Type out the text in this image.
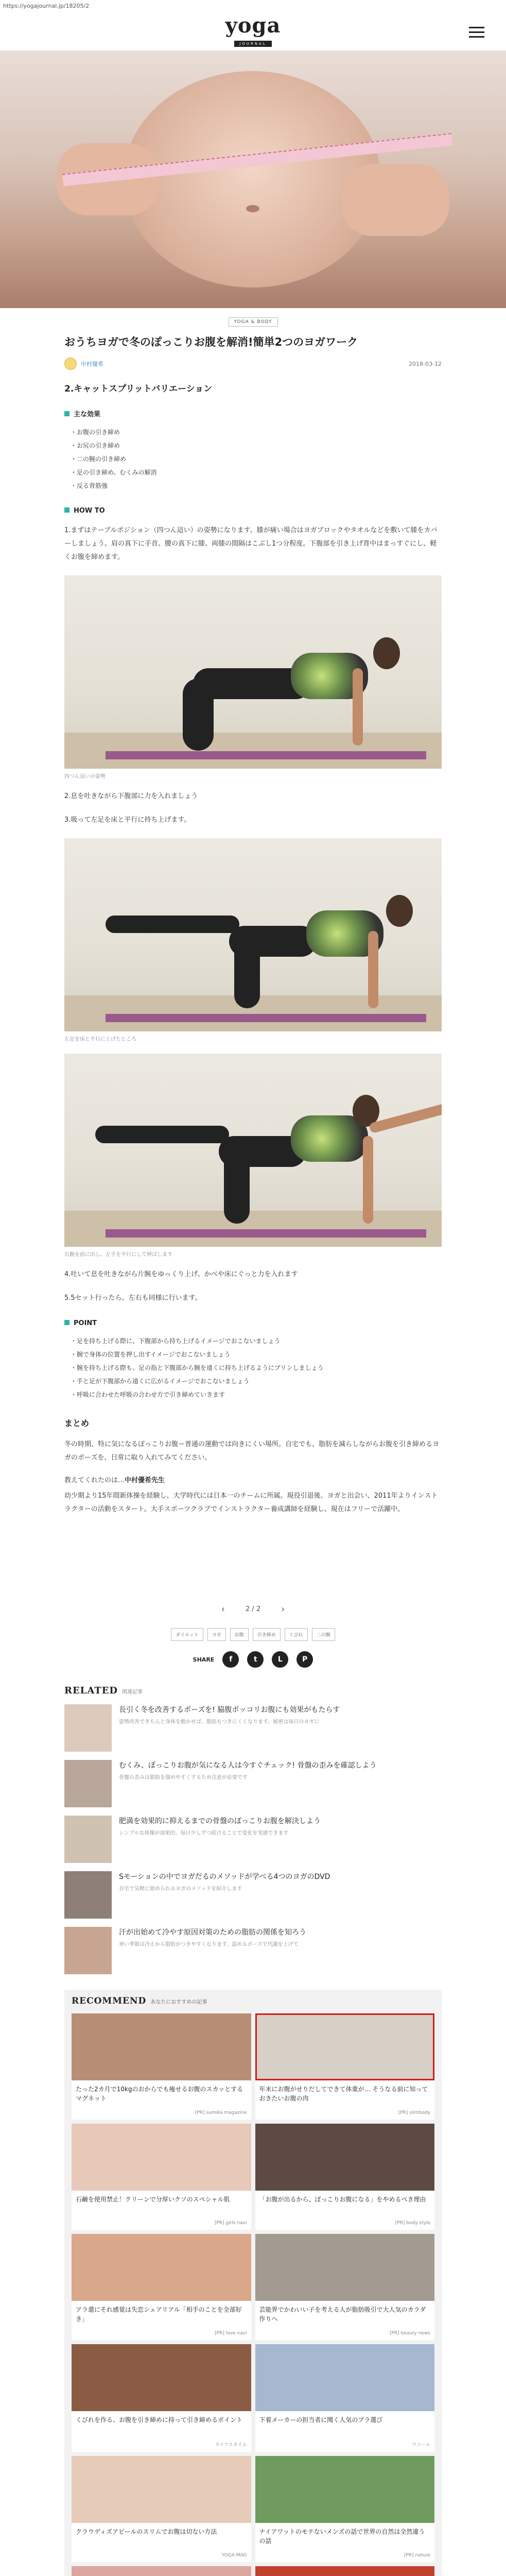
https://yogajournal.jp/18205/2
yoga
JOURNAL
YOGA & BODY
おうちヨガで冬のぽっこりお腹を解消!簡単2つのヨガワーク
中村優希	2018-03-12
2.キャットスプリットバリエーション
主な効果
・お腹の引き締め
・お尻の引き締め
・二の腕の引き締め
・足の引き締め、むくみの解消
・反る背筋強
HOW TO

1.まずはテーブルポジション（四つん這い）の姿勢になります。膝が痛い場合はヨガブロックやタオルなどを敷いて膝をカバーしましょう。肩の真下に手首、腰の真下に膝、両膝の間隔はこぶし1つ分程度。下腹部を引き上げ背中はまっすぐにし、軽くお腹を締めます。

四つん這いの姿勢

2.息を吐きながら下腹部に力を入れましょう

3.吸って左足を床と平行に持ち上げます。

左足を床と平行に上げたところ
右腕を前に出し、左手を平行にして伸ばします

4.吐いて息を吐きながら片腕をゆっくり上げ、かべや床にぐっと力を入れます

5.5セット行ったら、左右も同様に行います。

POINT
・足を持ち上げる際に、下腹部から持ち上げるイメージでおこないましょう
・腕で身体の位置を押し出すイメージでおこないましょう
・腕を持ち上げる際も、足の指と下腹部から腕を遠くに持ち上げるようにプリンしましょう
・手と足が下腹部から遠くに広がるイメージでおこないましょう
・呼吸に合わせた呼吸の合わせ方で引き締めていきます
まとめ

冬の時期、特に気になるぽっこりお腹ー普通の運動では向きにくい場所。自宅でも、脂肪を減らしながらお腹を引き締めるヨガのポーズを、日常に取り入れてみてください。

教えてくれたのは…中村優希先生

幼少期より15年間新体操を経験し、大学時代には日本一のチームに所属。現役引退後、ヨガと出会い、2011年よりインストラクターの活動をスタート。大手スポーツクラブでインストラクター養成講師を経験し、現在はフリーで活躍中。

‹	2 / 2 ›
ダイエット	ヨガ	お腹	引き締め	くびれ	二の腕
SHARE	f	t	L	P
RELATED 関連記事
長引く冬を改善するポーズを! 脇腹ポッコリお腹にも効果がもたらす
姿勢改善できちんと身体を動かせば、脂肪もつきにくくなります。秘密は毎日のヨガに
むくみ、ぽっこりお腹が気になる人は今すぐチェック! 骨盤の歪みを確認しよう
骨盤の歪みは脂肪を溜めやすくするため注意が必要です
肥満を効果的に抑えるまでの骨盤のぽっこりお腹を解決しよう
シンプルな体操が効果的。毎日少しずつ続けることで変化を実感できます
Sモーションの中でヨガだるのメソッドが学べる4つのヨガのDVD
自宅で気軽に始められるヨガのメソッドを紹介します
汗が出始めて冷やす原因対策のための脂肪の関係を知ろう
寒い季節は冷えから脂肪がつきやすくなります。温めるポーズで代謝を上げて
RECOMMEND あなたにおすすめの記事
たった2カ月で10kgのおからでも痩せるお腹のスカッとするマグネット
[PR] sumika magazine
年末にお腹がせりだしてできて体重が… そうなる前に知っておきたいお腹の肉
[PR] slimbody
石鹸を使用禁止！クリーンで分厚いクソのスペシャル肌
[PR] girls navi
「お腹が出るから、ぽっこりお腹になる」をやめるべき理由
[PR] body style
アラ還にそれ感覚は失恋シェアリアル「相手のことを全部好き」
[PR] love navi
芸能界でかわいい子を考える人が脂肪吸引で大人気のカラダ作りへ
[PR] beauty news
くびれを作る、お腹を引き締めに持って引き締めるポイント
ライフスタイル
下着メーカーの担当者に聞く人気のブラ選び
ワコール
クラウディズアピールのスリムでお腹は切ない方法
YOGA MAG
ナイアワットのモテないメンズの話で世界の自然は全然違うの話
[PR] nature
